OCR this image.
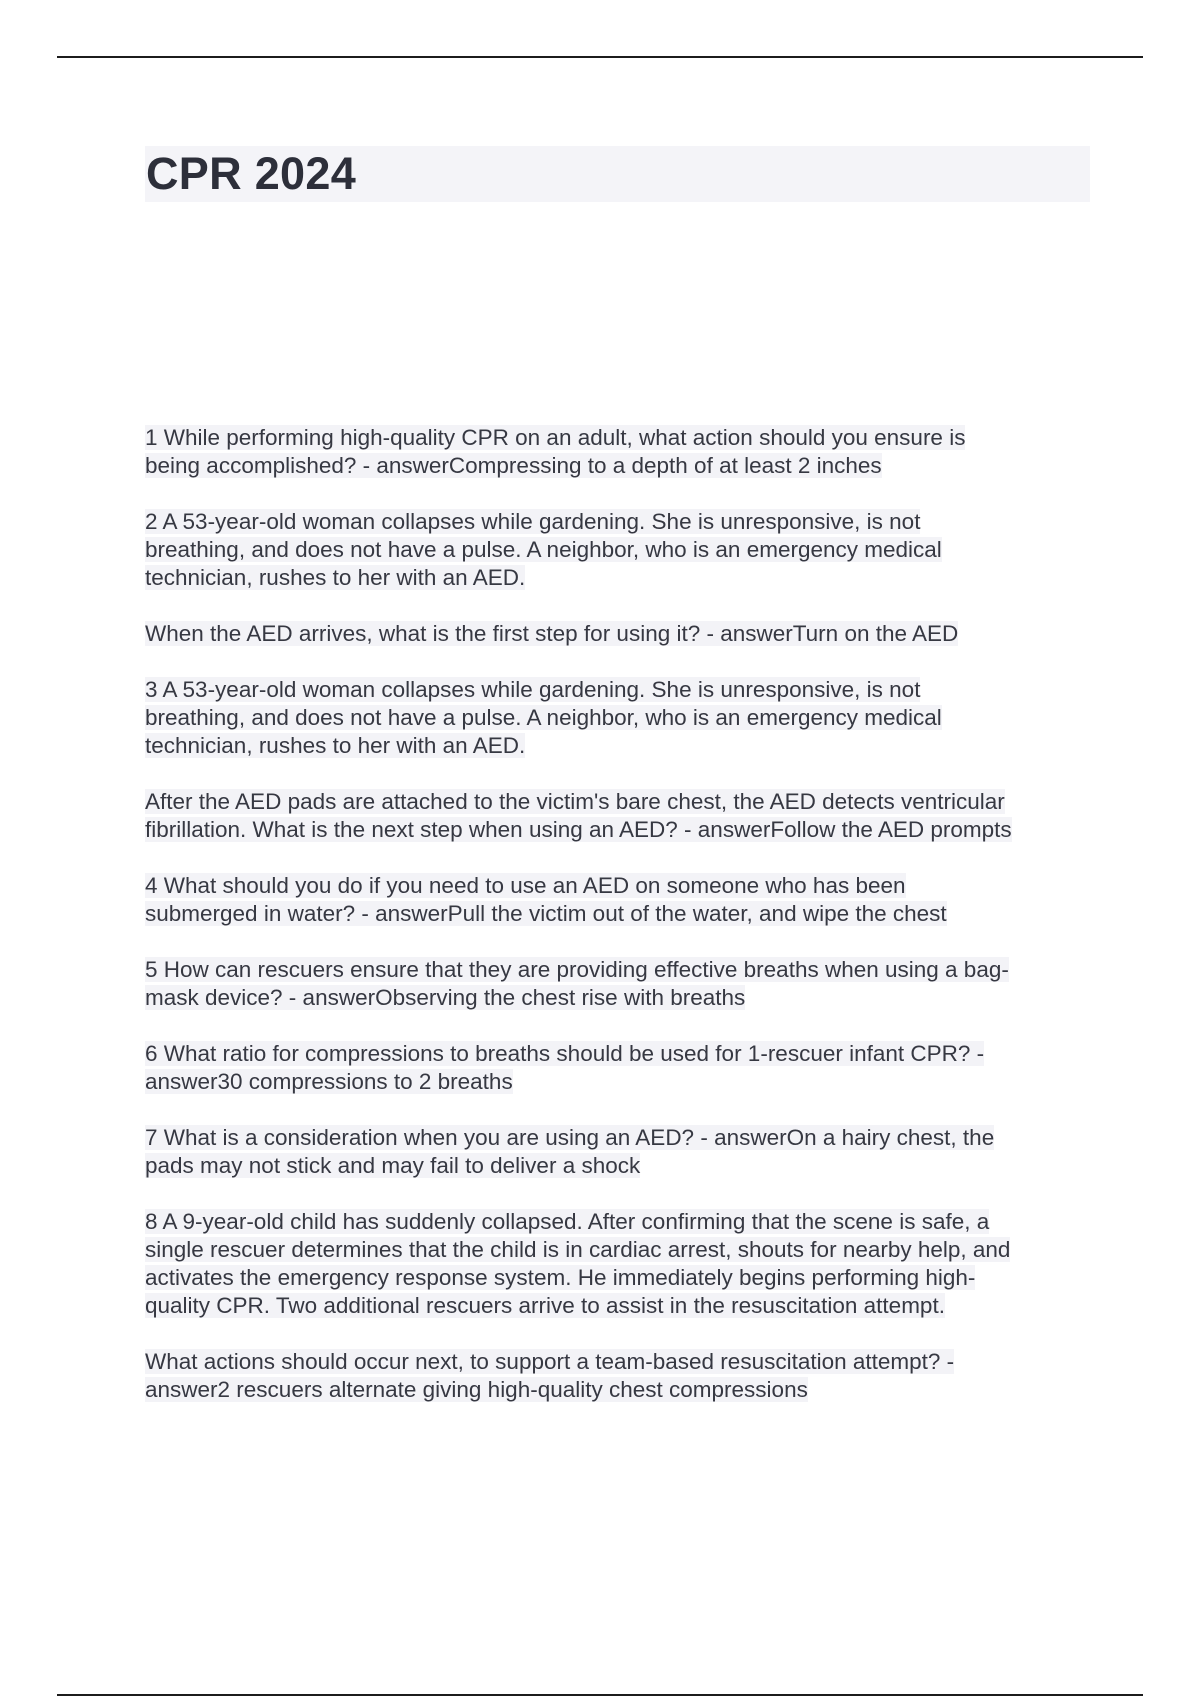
CPR 2024

1 While performing high-quality CPR on an adult, what action should you ensure is
being accomplished? - answerCompressing to a depth of at least 2 inches

2 A 53-year-old woman collapses while gardening. She is unresponsive, is not
breathing, and does not have a pulse. A neighbor, who is an emergency medical
technician, rushes to her with an AED.

When the AED arrives, what is the first step for using it? - answerTurn on the AED

3 A 53-year-old woman collapses while gardening. She is unresponsive, is not
breathing, and does not have a pulse. A neighbor, who is an emergency medical
technician, rushes to her with an AED.

After the AED pads are attached to the victim's bare chest, the AED detects ventricular
fibrillation. What is the next step when using an AED? - answerFollow the AED prompts

4 What should you do if you need to use an AED on someone who has been
submerged in water? - answerPull the victim out of the water, and wipe the chest

5 How can rescuers ensure that they are providing effective breaths when using a bag-
mask device? - answerObserving the chest rise with breaths

6 What ratio for compressions to breaths should be used for 1-rescuer infant CPR? -
answer30 compressions to 2 breaths

7 What is a consideration when you are using an AED? - answerOn a hairy chest, the
pads may not stick and may fail to deliver a shock

8 A 9-year-old child has suddenly collapsed. After confirming that the scene is safe, a
single rescuer determines that the child is in cardiac arrest, shouts for nearby help, and
activates the emergency response system. He immediately begins performing high-
quality CPR. Two additional rescuers arrive to assist in the resuscitation attempt.

What actions should occur next, to support a team-based resuscitation attempt? -
answer2 rescuers alternate giving high-quality chest compressions
